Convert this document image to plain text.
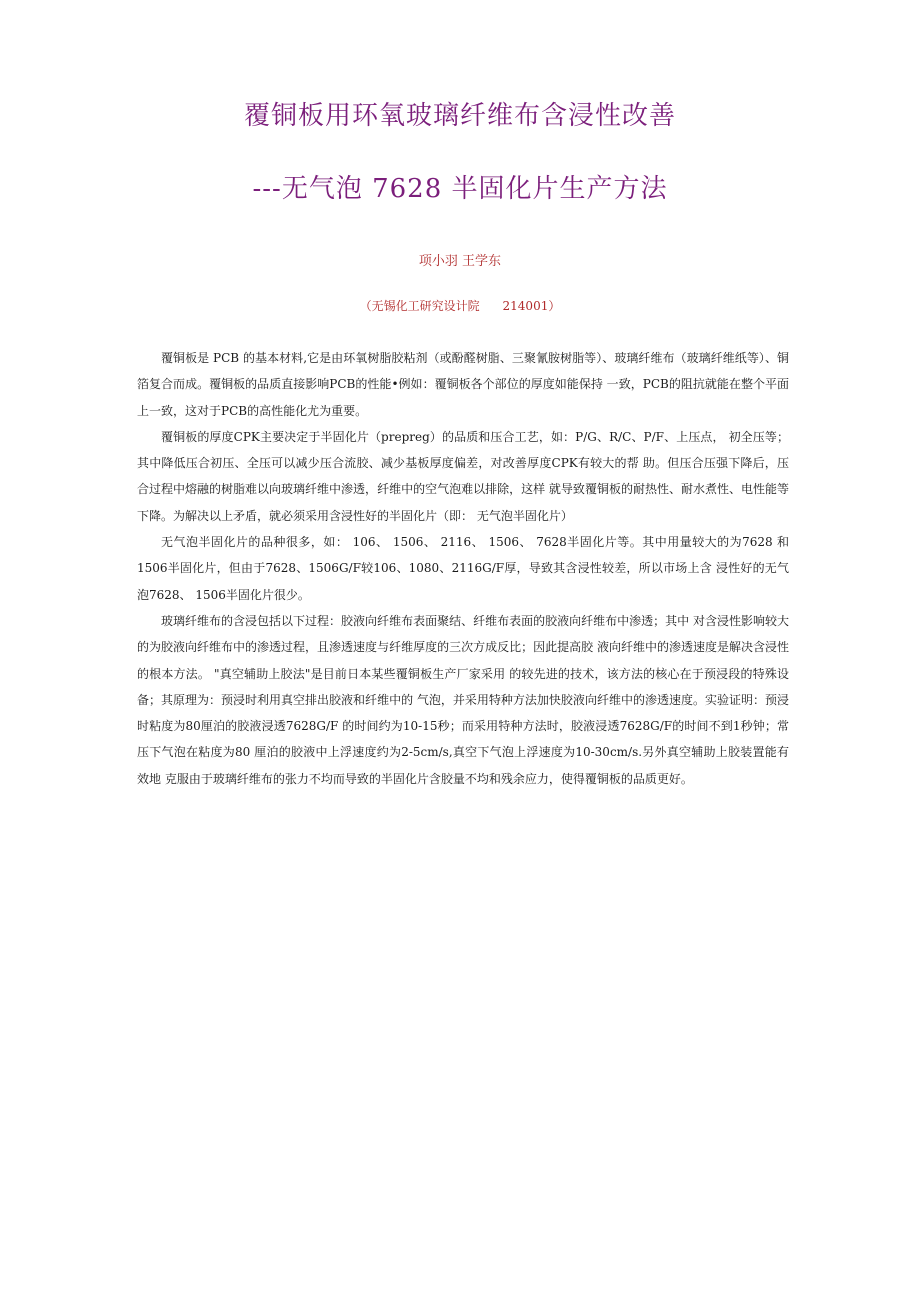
覆铜板用环氧玻璃纤维布含浸性改善
---无气泡 7628 半固化片生产方法
项小羽 王学东
（无锡化工研究设计院      214001）

覆铜板是 PCB 的基本材料,它是由环氧树脂胶粘剂（或酚醛树脂、三聚氰胺树脂等）、玻璃纤维布（玻璃纤维纸等）、铜箔复合而成。覆铜板的品质直接影响PCB的性能•例如：覆铜板各个部位的厚度如能保持 一致，PCB的阻抗就能在整个平面上一致，这对于PCB的高性能化尤为重要。

覆铜板的厚度CPK主要决定于半固化片（prepreg）的品质和压合工艺，如：P/G、R/C、P/F、上压点， 初全压等；其中降低压合初压、全压可以减少压合流胶、减少基板厚度偏差，对改善厚度CPK有较大的帮 助。但压合压强下降后，压合过程中熔融的树脂难以向玻璃纤维中渗透，纤维中的空气泡难以排除，这样 就导致覆铜板的耐热性、耐水煮性、电性能等下降。为解决以上矛盾，就必须采用含浸性好的半固化片（即： 无气泡半固化片）

无气泡半固化片的品种很多，如： 106、 1506、 2116、 1506、 7628半固化片等。其中用量较大的为7628 和1506半固化片，但由于7628、1506G/F较106、1080、2116G/F厚，导致其含浸性较差，所以市场上含 浸性好的无气泡7628、 1506半固化片很少。

玻璃纤维布的含浸包括以下过程：胶液向纤维布表面聚结、纤维布表面的胶液向纤维布中渗透；其中 对含浸性影响较大的为胶液向纤维布中的渗透过程，且渗透速度与纤维厚度的三次方成反比；因此提高胶 液向纤维中的渗透速度是解决含浸性的根本方法。 "真空辅助上胶法"是目前日本某些覆铜板生产厂家采用 的较先进的技术，该方法的核心在于预浸段的特殊设备；其原理为：预浸时利用真空排出胶液和纤维中的 气泡，并采用特种方法加快胶液向纤维中的渗透速度。实验证明：预浸时粘度为80厘泊的胶液浸透7628G/F 的时间约为10-15秒；而采用特种方法时，胶液浸透7628G/F的时间不到1秒钟；常压下气泡在粘度为80 厘泊的胶液中上浮速度约为2-5cm/s,真空下气泡上浮速度为10-30cm/s.另外真空辅助上胶装置能有效地 克服由于玻璃纤维布的张力不均而导致的半固化片含胶量不均和残余应力，使得覆铜板的品质更好。
